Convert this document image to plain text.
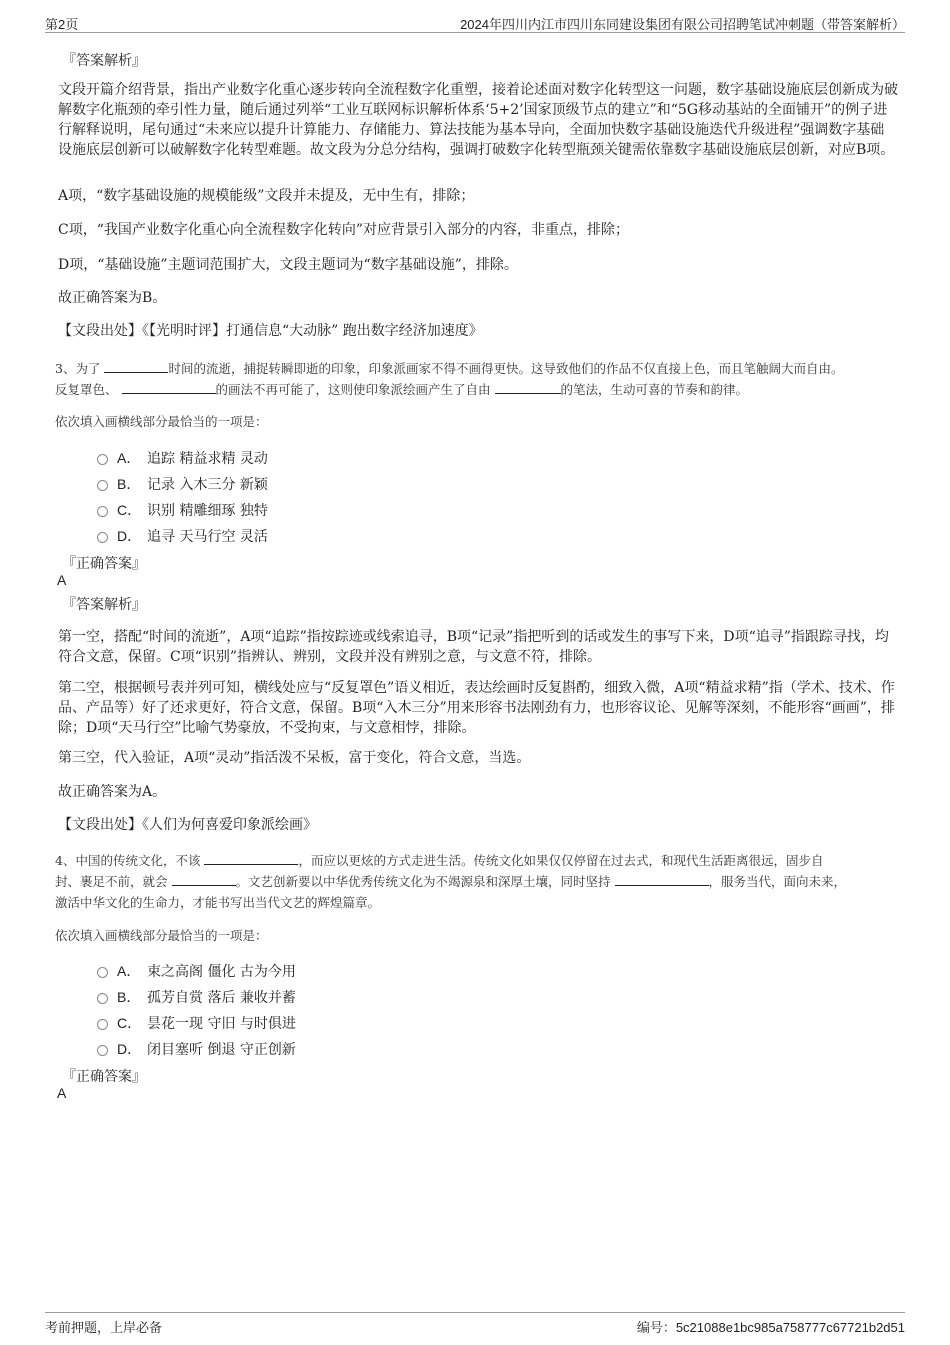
第2页	2024年四川内江市四川东同建设集团有限公司招聘笔试冲刺题（带答案解析）
『答案解析』

文段开篇介绍背景，指出产业数字化重心逐步转向全流程数字化重塑，接着论述面对数字化转型这一问题，数字基础设施底层创新成为破解数字化瓶颈的牵引性力量，随后通过列举“工业互联网标识解析体系‘5+2’国家顶级节点的建立”和“5G移动基站的全面铺开”的例子进行解释说明，尾句通过“未来应以提升计算能力、存储能力、算法技能为基本导向，全面加快数字基础设施迭代升级进程”强调数字基础设施底层创新可以破解数字化转型难题。故文段为分总分结构，强调打破数字化转型瓶颈关键需依靠数字基础设施底层创新，对应B项。

A项，“数字基础设施的规模能级”文段并未提及，无中生有，排除；

C项，“我国产业数字化重心向全流程数字化转向”对应背景引入部分的内容，非重点，排除；

D项，“基础设施”主题词范围扩大，文段主题词为“数字基础设施”，排除。

故正确答案为B。

【文段出处】《【光明时评】打通信息“大动脉” 跑出数字经济加速度》

3、为了	时间的流逝，捕捉转瞬即逝的印象，印象派画家不得不画得更快。这导致他们的作品不仅直接上色，而且笔触阔大而自由。
反复罩色、	的画法不再可能了，这则使印象派绘画产生了自由	的笔法，生动可喜的节奏和韵律。

依次填入画横线部分最恰当的一项是：

A． 追踪 精益求精 灵动
B． 记录 入木三分 新颖
C． 识别 精雕细琢 独特
D． 追寻 天马行空 灵活
『正确答案』
A
『答案解析』

第一空，搭配“时间的流逝”，A项“追踪”指按踪迹或线索追寻，B项“记录”指把听到的话或发生的事写下来，D项“追寻”指跟踪寻找，均符合文意，保留。C项“识别”指辨认、辨别，文段并没有辨别之意，与文意不符，排除。

第二空，根据顿号表并列可知，横线处应与“反复罩色”语义相近，表达绘画时反复斟酌，细致入微，A项“精益求精”指（学术、技术、作品、产品等）好了还求更好，符合文意，保留。B项“入木三分”用来形容书法刚劲有力，也形容议论、见解等深刻，不能形容“画画”，排除；D项“天马行空”比喻气势豪放，不受拘束，与文意相悖，排除。

第三空，代入验证，A项“灵动”指活泼不呆板，富于变化，符合文意，当选。

故正确答案为A。

【文段出处】《人们为何喜爱印象派绘画》

4、中国的传统文化，不该	，而应以更炫的方式走进生活。传统文化如果仅仅停留在过去式，和现代生活距离很远，固步自
封、裹足不前，就会	。文艺创新要以中华优秀传统文化为不竭源泉和深厚土壤，同时坚持	，服务当代，面向未来，
激活中华文化的生命力，才能书写出当代文艺的辉煌篇章。

依次填入画横线部分最恰当的一项是：

A． 束之高阁 僵化 古为今用
B． 孤芳自赏 落后 兼收并蓄
C． 昙花一现 守旧 与时俱进
D． 闭目塞听 倒退 守正创新
『正确答案』
A
考前押题，上岸必备	编号：5c21088e1bc985a758777c67721b2d51
